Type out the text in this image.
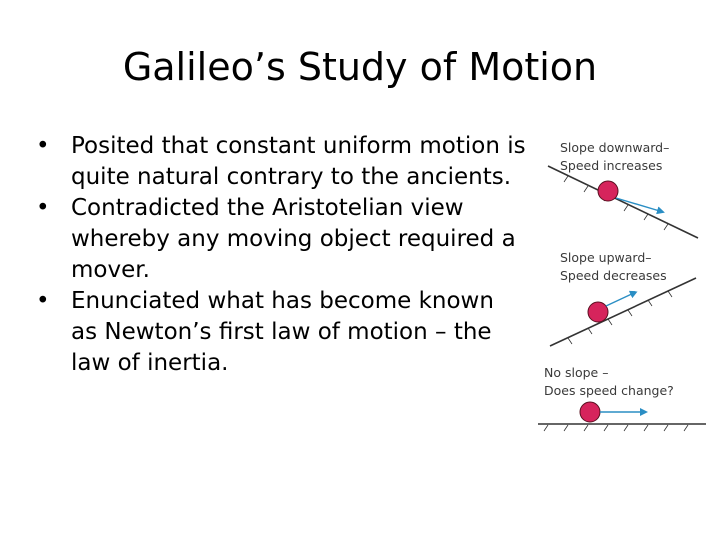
Galileo’s Study of Motion
• Posited that constant uniform motion is quite natural contrary to the ancients.
• Contradicted the Aristotelian view whereby any moving object required a mover.
• Enunciated what has become known as Newton’s first law of motion – the law of inertia.
Slope downward–
Speed increases
Slope upward–
Speed decreases
No slope –
Does speed change?
